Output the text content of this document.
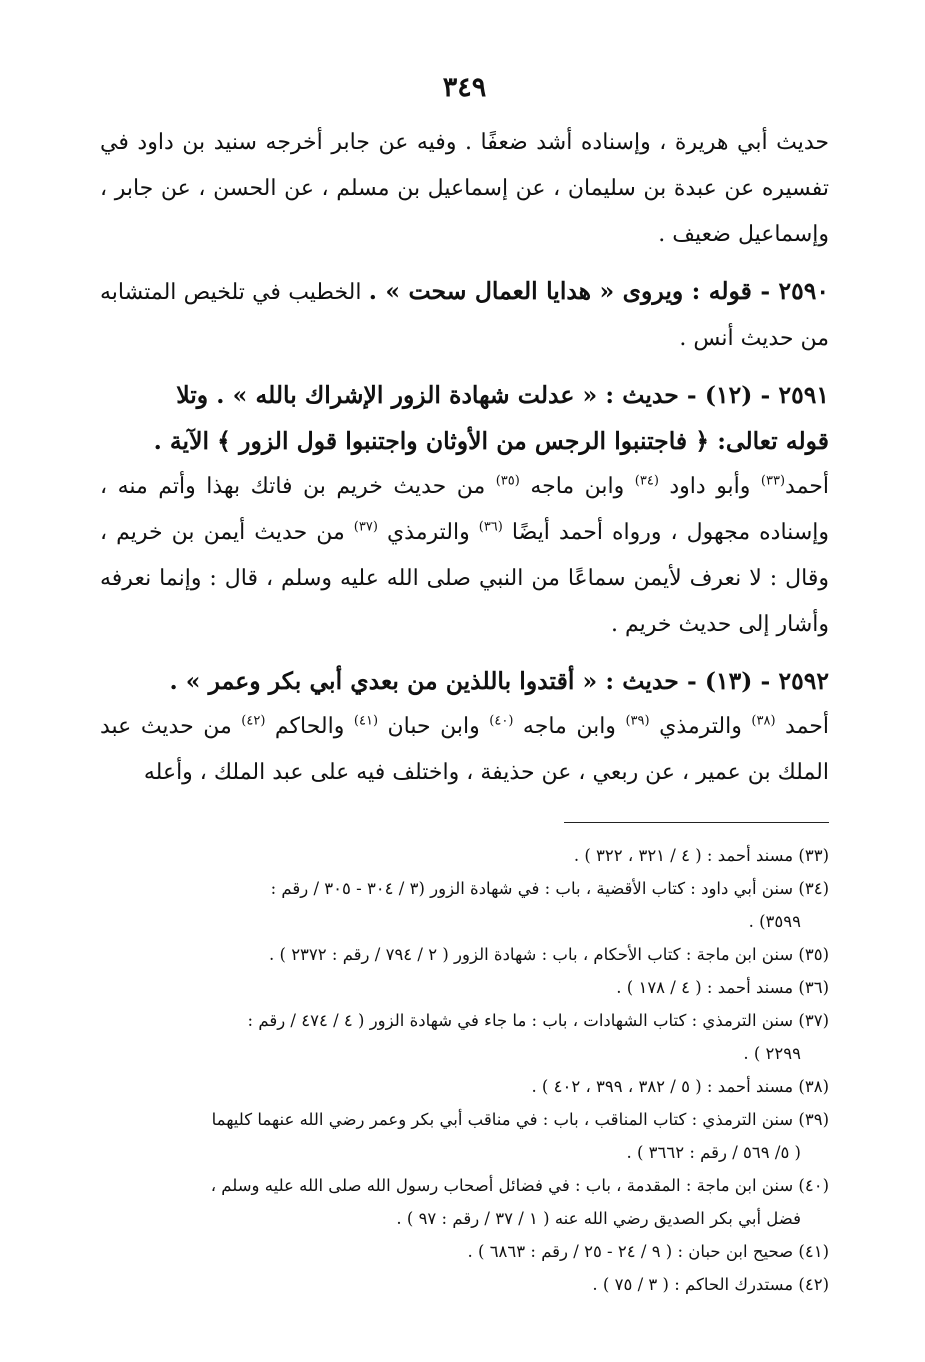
٣٤٩

حديث أبي هريرة ، وإسناده أشد ضعفًا . وفيه عن جابر أخرجه سنيد بن داود في تفسيره عن عبدة بن سليمان ، عن إسماعيل بن مسلم ، عن الحسن ، عن جابر ، وإسماعيل ضعيف .

٢٥٩٠ - قوله : ويروى « هدايا العمال سحت » . الخطيب في تلخيص المتشابه من حديث أنس .

٢٥٩١ - (١٢) - حديث : « عدلت شهادة الزور الإشراك بالله » . وتلا
قوله تعالى: ﴿ فاجتنبوا الرجس من الأوثان واجتنبوا قول الزور ﴾ الآية .
أحمد$^{(٣٣)}$ وأبو داود $^{(٣٤)}$ وابن ماجه $^{(٣٥)}$ من حديث خريم بن فاتك بهذا وأتم منه ، وإسناده مجهول ، ورواه أحمد أيضًا $^{(٣٦)}$ والترمذي $^{(٣٧)}$ من حديث أيمن بن خريم ، وقال : لا نعرف لأيمن سماعًا من النبي صلى الله عليه وسلم ، قال : وإنما نعرفه وأشار إلى حديث خريم .

٢٥٩٢ - (١٣) - حديث : « أقتدوا باللذين من بعدي أبي بكر وعمر » .
أحمد $^{(٣٨)}$ والترمذي $^{(٣٩)}$ وابن ماجه $^{(٤٠)}$ وابن حبان $^{(٤١)}$ والحاكم $^{(٤٢)}$ من حديث عبد الملك بن عمير ، عن ربعي ، عن حذيفة ، واختلف فيه على عبد الملك ، وأعله

(٣٣) مسند أحمد : ( ٤ / ٣٢١ ، ٣٢٢ ) .

(٣٤) سنن أبي داود : كتاب الأقضية ، باب : في شهادة الزور (٣ / ٣٠٤ - ٣٠٥ / رقم :
٣٥٩٩) .

(٣٥) سنن ابن ماجة : كتاب الأحكام ، باب : شهادة الزور ( ٢ / ٧٩٤ / رقم : ٢٣٧٢ ) .

(٣٦) مسند أحمد : ( ٤ / ١٧٨ ) .

(٣٧) سنن الترمذي : كتاب الشهادات ، باب : ما جاء في شهادة الزور ( ٤ / ٤٧٤ / رقم :
٢٢٩٩ ) .

(٣٨) مسند أحمد : ( ٥ / ٣٨٢ ، ٣٩٩ ، ٤٠٢ ) .

(٣٩) سنن الترمذي : كتاب المناقب ، باب : في مناقب أبي بكر وعمر رضي الله عنهما كليهما
( ٥/ ٥٦٩ / رقم : ٣٦٦٢ ) .

(٤٠) سنن ابن ماجة : المقدمة ، باب : في فضائل أصحاب رسول الله صلى الله عليه وسلم ،
فضل أبي بكر الصديق رضي الله عنه ( ١ / ٣٧ / رقم : ٩٧ ) .

(٤١) صحيح ابن حبان : ( ٩ / ٢٤ - ٢٥ / رقم : ٦٨٦٣ ) .

(٤٢) مستدرك الحاكم : ( ٣ / ٧٥ ) .
